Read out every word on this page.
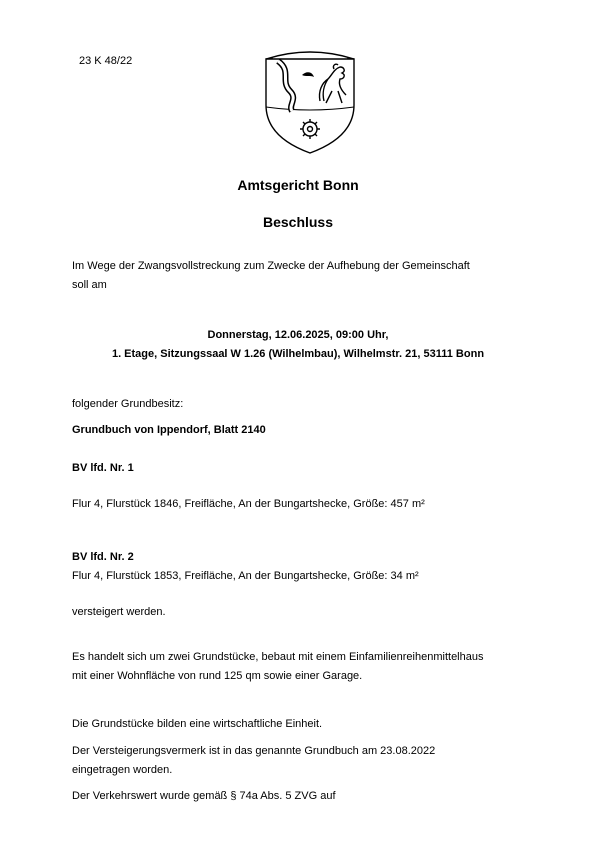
23 K 48/22
Amtsgericht Bonn
Beschluss
Im Wege der Zwangsvollstreckung zum Zwecke der Aufhebung der Gemeinschaft
soll am
Donnerstag, 12.06.2025, 09:00 Uhr,
1. Etage, Sitzungssaal W 1.26 (Wilhelmbau), Wilhelmstr. 21, 53111 Bonn
folgender Grundbesitz:
Grundbuch von Ippendorf, Blatt 2140
BV lfd. Nr. 1
Flur 4, Flurstück 1846, Freifläche, An der Bungartshecke, Größe: 457 m²
BV lfd. Nr. 2
Flur 4, Flurstück 1853, Freifläche, An der Bungartshecke, Größe: 34 m²
versteigert werden.
Es handelt sich um zwei Grundstücke, bebaut mit einem Einfamilienreihenmittelhaus
mit einer Wohnfläche von rund 125 qm sowie einer Garage.
Die Grundstücke bilden eine wirtschaftliche Einheit.
Der Versteigerungsvermerk ist in das genannte Grundbuch am 23.08.2022
eingetragen worden.
Der Verkehrswert wurde gemäß § 74a Abs. 5 ZVG auf
